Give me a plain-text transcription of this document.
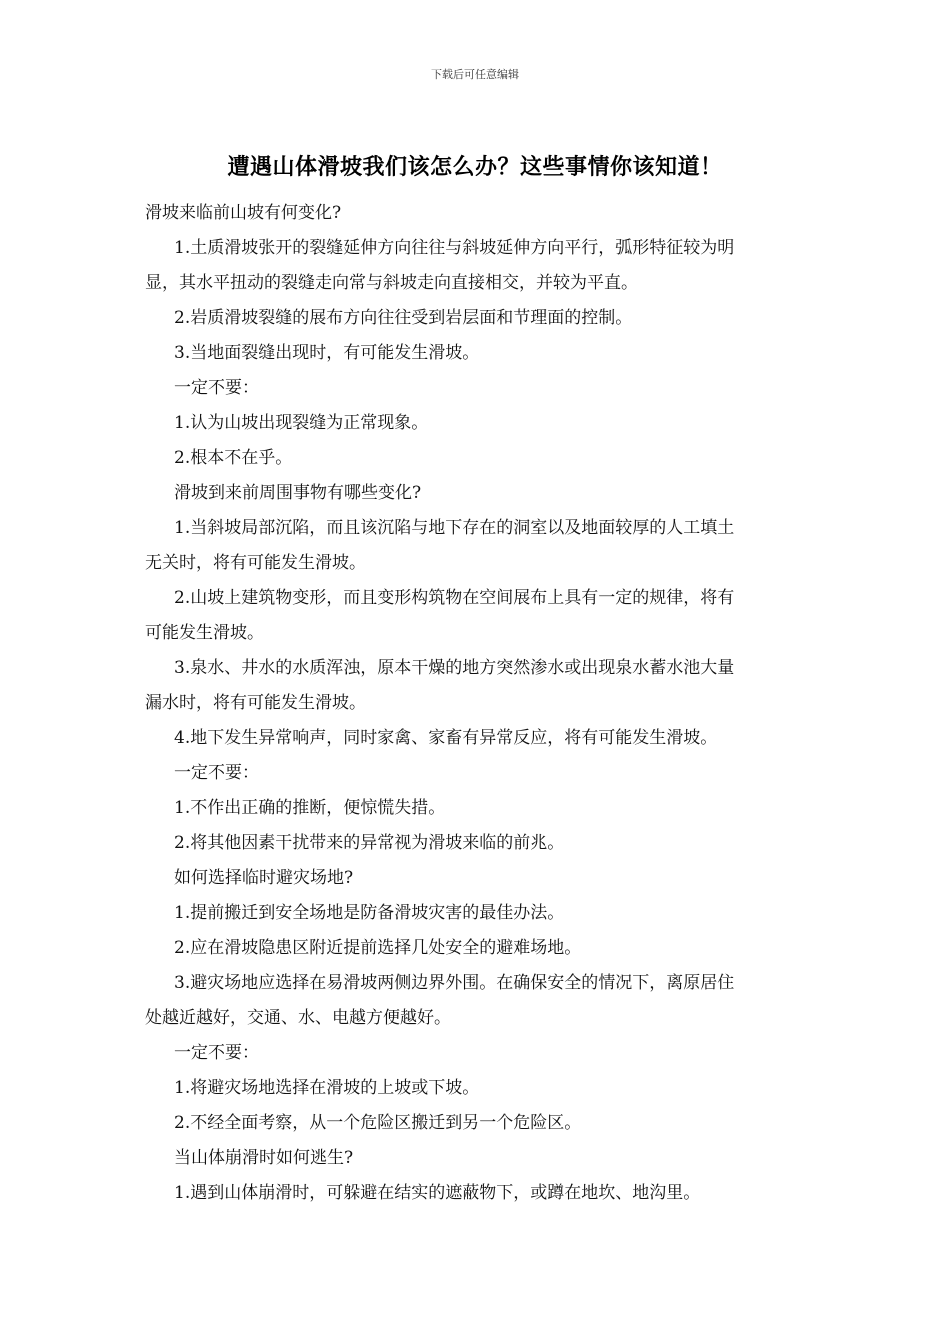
下载后可任意编辑
遭遇山体滑坡我们该怎么办？这些事情你该知道！

滑坡来临前山坡有何变化?

1.土质滑坡张开的裂缝延伸方向往往与斜坡延伸方向平行，弧形特征较为明

显，其水平扭动的裂缝走向常与斜坡走向直接相交，并较为平直。

2.岩质滑坡裂缝的展布方向往往受到岩层面和节理面的控制。

3.当地面裂缝出现时，有可能发生滑坡。

一定不要：

1.认为山坡出现裂缝为正常现象。

2.根本不在乎。

滑坡到来前周围事物有哪些变化?

1.当斜坡局部沉陷，而且该沉陷与地下存在的洞室以及地面较厚的人工填土

无关时，将有可能发生滑坡。

2.山坡上建筑物变形，而且变形构筑物在空间展布上具有一定的规律，将有

可能发生滑坡。

3.泉水、井水的水质浑浊，原本干燥的地方突然渗水或出现泉水蓄水池大量

漏水时，将有可能发生滑坡。

4.地下发生异常响声，同时家禽、家畜有异常反应，将有可能发生滑坡。

一定不要：

1.不作出正确的推断，便惊慌失措。

2.将其他因素干扰带来的异常视为滑坡来临的前兆。

如何选择临时避灾场地?

1.提前搬迁到安全场地是防备滑坡灾害的最佳办法。

2.应在滑坡隐患区附近提前选择几处安全的避难场地。

3.避灾场地应选择在易滑坡两侧边界外围。在确保安全的情况下，离原居住

处越近越好，交通、水、电越方便越好。

一定不要：

1.将避灾场地选择在滑坡的上坡或下坡。

2.不经全面考察，从一个危险区搬迁到另一个危险区。

当山体崩滑时如何逃生?

1.遇到山体崩滑时，可躲避在结实的遮蔽物下，或蹲在地坎、地沟里。
